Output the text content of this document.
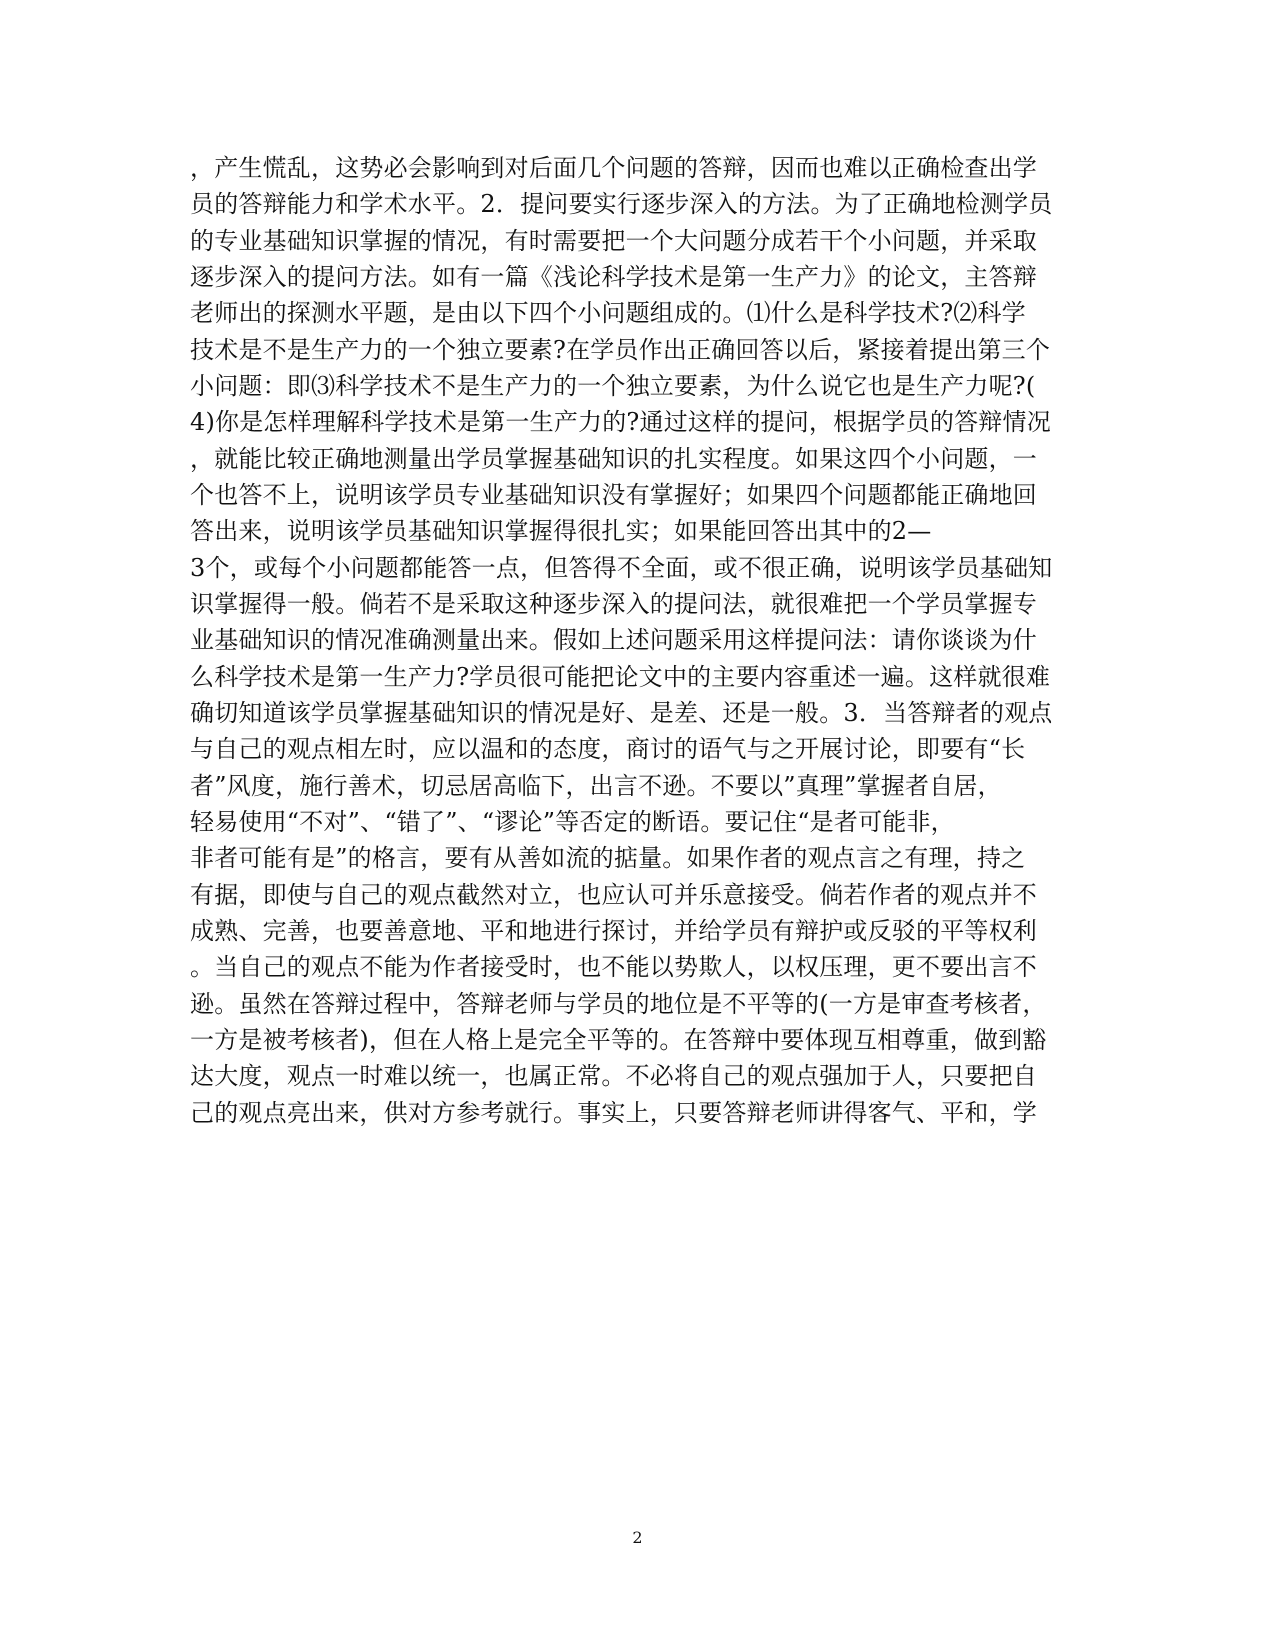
，产生慌乱，这势必会影响到对后面几个问题的答辩，因而也难以正确检查出学
员的答辩能力和学术水平。2．提问要实行逐步深入的方法。为了正确地检测学员
的专业基础知识掌握的情况，有时需要把一个大问题分成若干个小问题，并采取
逐步深入的提问方法。如有一篇《浅论科学技术是第一生产力》的论文，主答辩
老师出的探测水平题，是由以下四个小问题组成的。⑴什么是科学技术?⑵科学
技术是不是生产力的一个独立要素?在学员作出正确回答以后，紧接着提出第三个
小问题：即⑶科学技术不是生产力的一个独立要素，为什么说它也是生产力呢?(
4)你是怎样理解科学技术是第一生产力的?通过这样的提问，根据学员的答辩情况
，就能比较正确地测量出学员掌握基础知识的扎实程度。如果这四个小问题，一
个也答不上，说明该学员专业基础知识没有掌握好；如果四个问题都能正确地回
答出来，说明该学员基础知识掌握得很扎实；如果能回答出其中的2—
3个，或每个小问题都能答一点，但答得不全面，或不很正确，说明该学员基础知
识掌握得一般。倘若不是采取这种逐步深入的提问法，就很难把一个学员掌握专
业基础知识的情况准确测量出来。假如上述问题采用这样提问法：请你谈谈为什
么科学技术是第一生产力?学员很可能把论文中的主要内容重述一遍。这样就很难
确切知道该学员掌握基础知识的情况是好、是差、还是一般。3．当答辩者的观点
与自己的观点相左时，应以温和的态度，商讨的语气与之开展讨论，即要有“长
者”风度，施行善术，切忌居高临下，出言不逊。不要以”真理”掌握者自居，
轻易使用“不对”、“错了”、“谬论”等否定的断语。要记住“是者可能非，
非者可能有是”的格言，要有从善如流的掂量。如果作者的观点言之有理，持之
有据，即使与自己的观点截然对立，也应认可并乐意接受。倘若作者的观点并不
成熟、完善，也要善意地、平和地进行探讨，并给学员有辩护或反驳的平等权利
。当自己的观点不能为作者接受时，也不能以势欺人，以权压理，更不要出言不
逊。虽然在答辩过程中，答辩老师与学员的地位是不平等的(一方是审查考核者，
一方是被考核者)，但在人格上是完全平等的。在答辩中要体现互相尊重，做到豁
达大度，观点一时难以统一，也属正常。不必将自己的观点强加于人，只要把自
己的观点亮出来，供对方参考就行。事实上，只要答辩老师讲得客气、平和，学
2
